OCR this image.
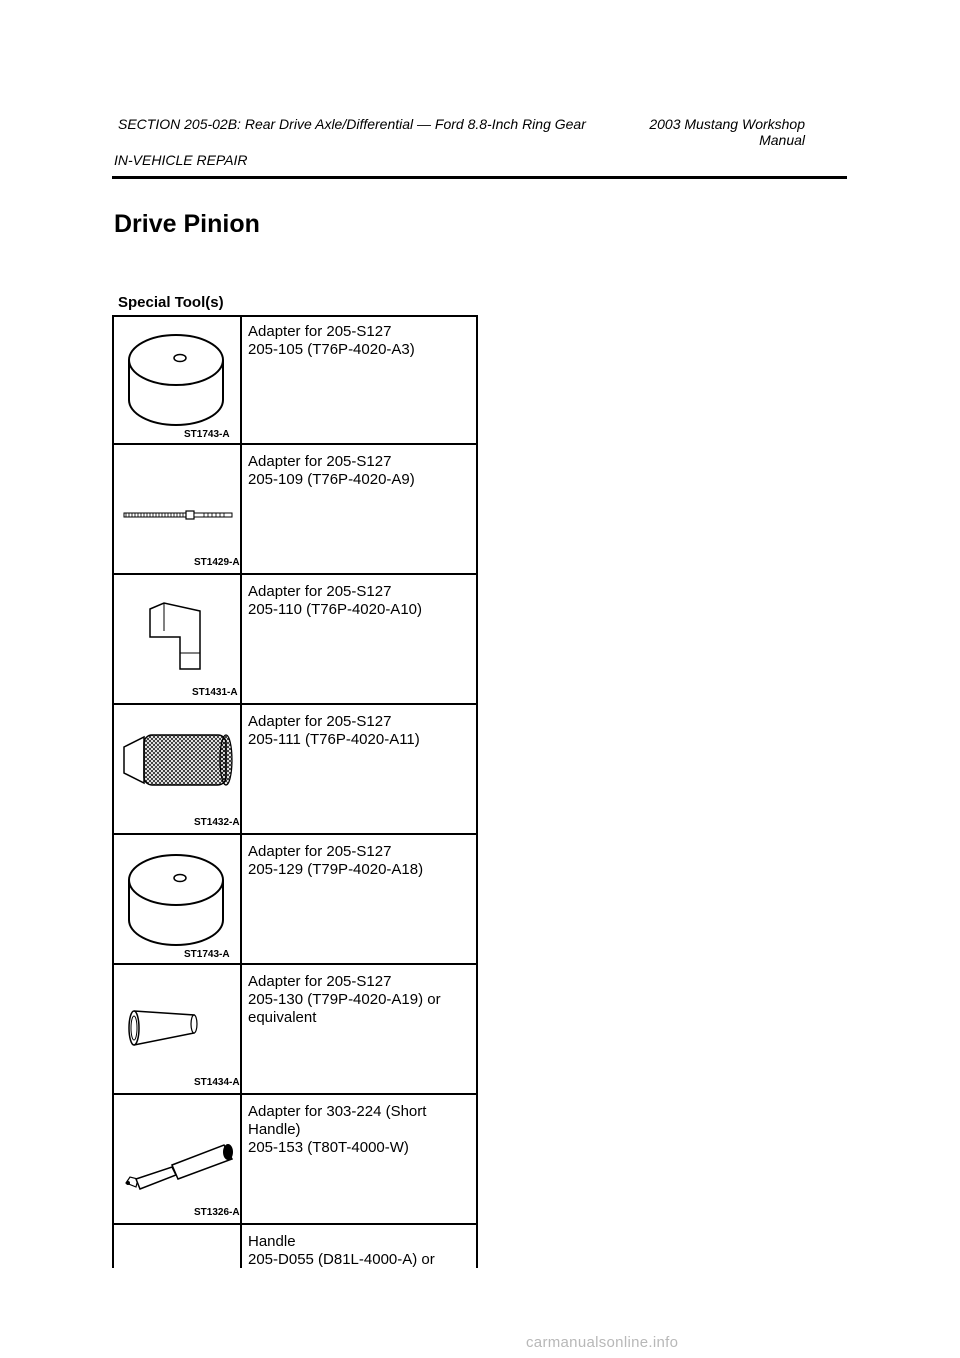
SECTION 205-02B: Rear Drive Axle/Differential — Ford 8.8-Inch Ring Gear	2003 Mustang Workshop Manual
IN-VEHICLE REPAIR
Drive Pinion
Special Tool(s)
ST1743-A
Adapter for 205-S127
205-105 (T76P-4020-A3)
ST1429-A
Adapter for 205-S127
205-109 (T76P-4020-A9)
ST1431-A
Adapter for 205-S127
205-110 (T76P-4020-A10)
ST1432-A
Adapter for 205-S127
205-111 (T76P-4020-A11)
ST1743-A
Adapter for 205-S127
205-129 (T79P-4020-A18)
ST1434-A
Adapter for 205-S127
205-130 (T79P-4020-A19) or
equivalent
ST1326-A
Adapter for 303-224 (Short
Handle)
205-153 (T80T-4000-W)
Handle
205-D055 (D81L-4000-A) or
carmanualsonline.info
